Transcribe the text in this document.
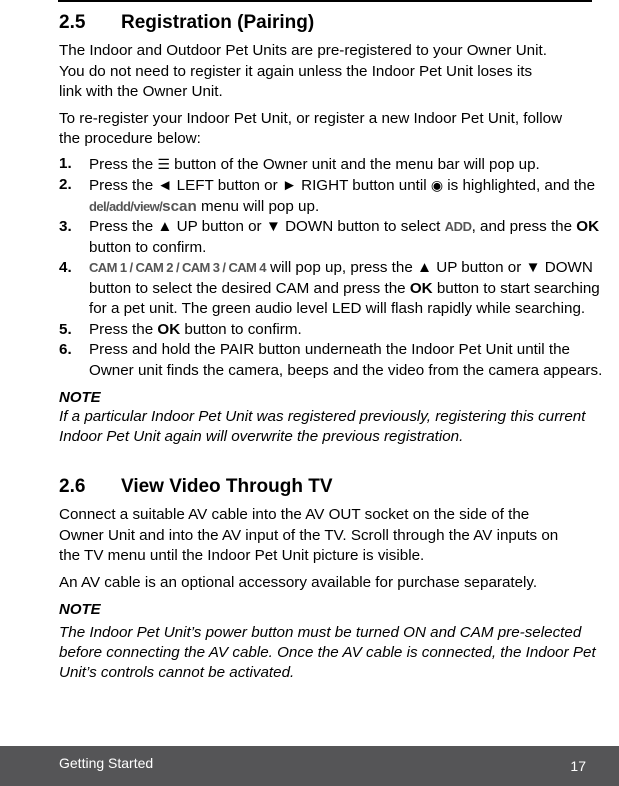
2.5	Registration (Pairing)

The Indoor and Outdoor Pet Units are pre-registered to your Owner Unit. You do not need to register it again unless the Indoor Pet Unit loses its link with the Owner Unit.

To re-register your Indoor Pet Unit, or register a new Indoor Pet Unit, follow the procedure below:

1.	Press the ☰ button of the Owner unit and the menu bar will pop up.
2.	Press the ◄ LEFT button or ► RIGHT button until ◉ is highlighted, and the del/add/view/scan menu will pop up.
3.	Press the ▲ UP button or ▼ DOWN button to select ADD, and press the OK button to confirm.
4.	CAM 1 / CAM 2 / CAM 3 / CAM 4 will pop up, press the ▲ UP button or ▼ DOWN button to select the desired CAM and press the OK button to start searching for a pet unit. The green audio level LED will flash rapidly while searching.
5.	Press the OK button to confirm.
6.	Press and hold the PAIR button underneath the Indoor Pet Unit until the Owner unit finds the camera, beeps and the video from the camera appears.
NOTE
If a particular Indoor Pet Unit was registered previously, registering this current Indoor Pet Unit again will overwrite the previous registration.
2.6	View Video Through TV

Connect a suitable AV cable into the AV OUT socket on the side of the Owner Unit and into the AV input of the TV. Scroll through the AV inputs on the TV menu until the Indoor Pet Unit picture is visible.

An AV cable is an optional accessory available for purchase separately.

NOTE
The Indoor Pet Unit’s power button must be turned ON and CAM pre-selected before connecting the AV cable. Once the AV cable is connected, the Indoor Pet Unit’s controls cannot be activated.
Getting Started	17
